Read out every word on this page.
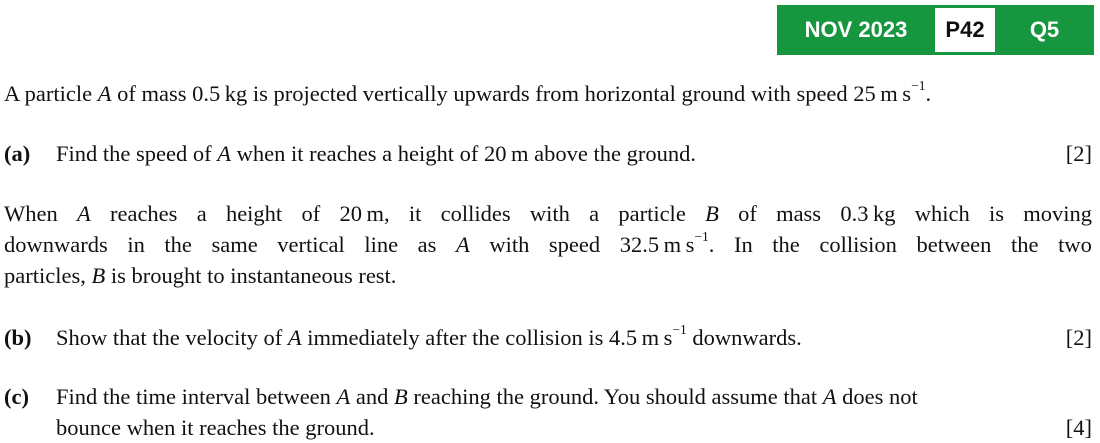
NOV 2023	P42	Q5
A particle A of mass 0.5 kg is projected vertically upwards from horizontal ground with speed 25 m $s^{-1}$.
(a) Find the speed of A when it reaches a height of 20 m above the ground.	[2]
When A reaches a height of 20 m, it collides with a particle B of mass 0.3 kg which is moving
downwards in the same vertical line as A with speed 32.5 m $s^{-1}$. In the collision between the two
particles, B is brought to instantaneous rest.
(b) Show that the velocity of A immediately after the collision is 4.5 m $s^{-1}$ downwards.	[2]
(c) Find the time interval between A and B reaching the ground. You should assume that A does not
bounce when it reaches the ground.	[4]
